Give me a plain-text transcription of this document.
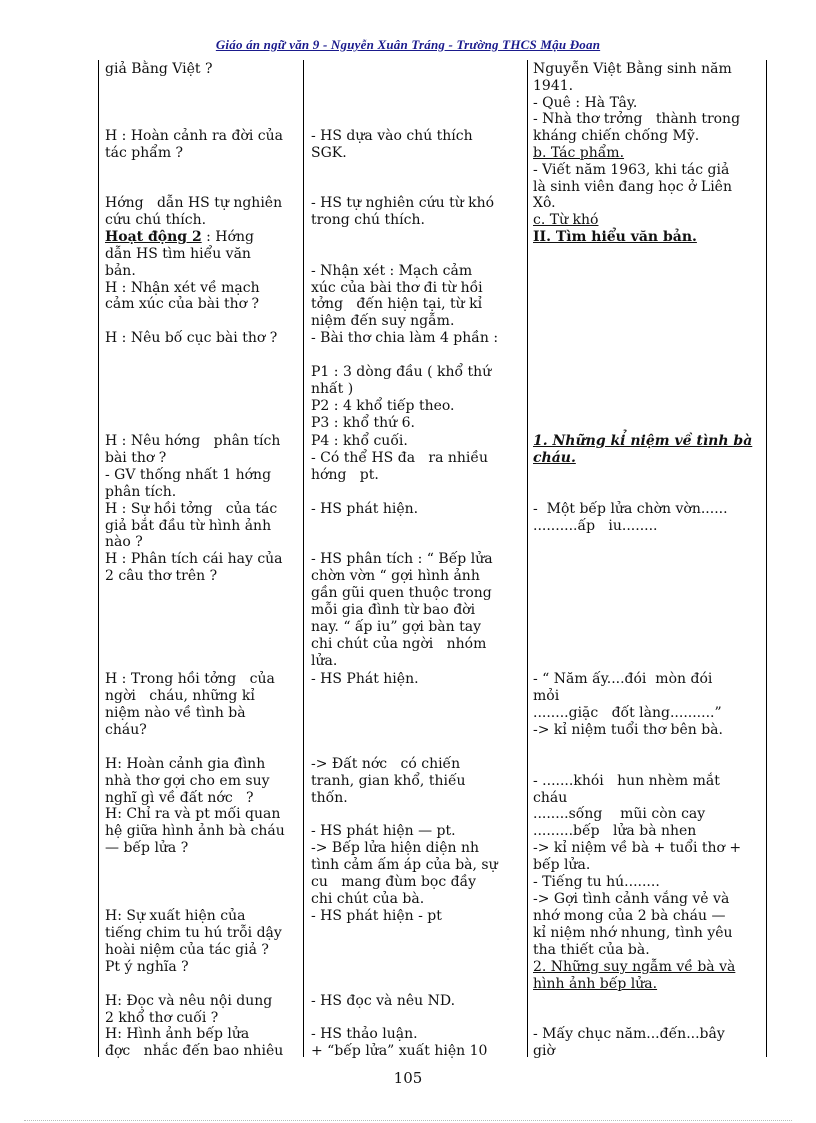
Giáo án ngữ văn 9 - Nguyễn Xuân Tráng - Trường THCS Mậu Đoan
giả Bằng Việt ?
H : Hoàn cảnh ra đời của
tác phẩm ?
Hớng   dẫn HS tự nghiên
cứu chú thích.
Hoạt động 2 : Hớng
dẫn HS tìm hiểu văn
bản.
H : Nhận xét về mạch
cảm xúc của bài thơ ?
H : Nêu bố cục bài thơ ?
H : Nêu hớng   phân tích
bài thơ ?
- GV thống nhất 1 hớng
phân tích.
H : Sự hồi tởng   của tác
giả bắt đầu từ hình ảnh
nào ?
H : Phân tích cái hay của
2 câu thơ trên ?
H : Trong hồi tởng   của
ngời   cháu, những kỉ
niệm nào về tình bà
cháu?
H: Hoàn cảnh gia đình
nhà thơ gợi cho em suy
nghĩ gì về đất nớc   ?
H: Chỉ ra và pt mối quan
hệ giữa hình ảnh bà cháu
— bếp lửa ?
H: Sự xuất hiện của
tiếng chim tu hú trỗi dậy
hoài niệm của tác giả ?
Pt ý nghĩa ?
H: Đọc và nêu nội dung
2 khổ thơ cuối ?
H: Hình ảnh bếp lửa
đợc   nhắc đến bao nhiêu
- HS dựa vào chú thích
SGK.
- HS tự nghiên cứu từ khó
trong chú thích.
- Nhận xét : Mạch cảm
xúc của bài thơ đi từ hồi
tởng   đến hiện tại, từ kỉ
niệm đến suy ngẫm.
- Bài thơ chia làm 4 phần :
P1 : 3 dòng đầu ( khổ thứ
nhất )
P2 : 4 khổ tiếp theo.
P3 : khổ thứ 6.
P4 : khổ cuối.
- Có thể HS đa   ra nhiều
hớng   pt.
- HS phát hiện.
- HS phân tích : “ Bếp lửa
chờn vờn “ gợi hình ảnh
gần gũi quen thuộc trong
mỗi gia đình từ bao đời
nay. “ ấp iu” gợi bàn tay
chi chút của ngời   nhóm
lửa.
- HS Phát hiện.
-> Đất nớc   có chiến
tranh, gian khổ, thiếu
thốn.
- HS phát hiện — pt.
-> Bếp lửa hiện diện nh
tình cảm ấm áp của bà, sự
cu   mang đùm bọc đầy
chi chút của bà.
- HS phát hiện - pt
- HS đọc và nêu ND.
- HS thảo luận.
+ “bếp lửa” xuất hiện 10
Nguyễn Việt Bằng sinh năm
1941.
- Quê : Hà Tây.
- Nhà thơ trởng   thành trong
kháng chiến chống Mỹ.
b. Tác phẩm.
- Viết năm 1963, khi tác giả
là sinh viên đang học ở Liên
Xô.
c. Từ khó
II. Tìm hiểu văn bản.
1. Những kỉ niệm về tình bà
cháu.
-  Một bếp lửa chờn vờn......
..........ấp   iu........
- “ Năm ấy....đói  mòn đói
mỏi
........giặc   đốt làng..........”
-> kỉ niệm tuổi thơ bên bà.
- .......khói   hun nhèm mắt
cháu
........sống    mũi còn cay
.........bếp   lửa bà nhen
-> kỉ niệm về bà + tuổi thơ +
bếp lửa.
- Tiếng tu hú........
-> Gợi tình cảnh vắng vẻ và
nhớ mong của 2 bà cháu —
kỉ niệm nhớ nhung, tình yêu
tha thiết của bà.
2. Những suy ngẫm về bà và
hình ảnh bếp lửa.
- Mấy chục năm...đến...bây
giờ
105
